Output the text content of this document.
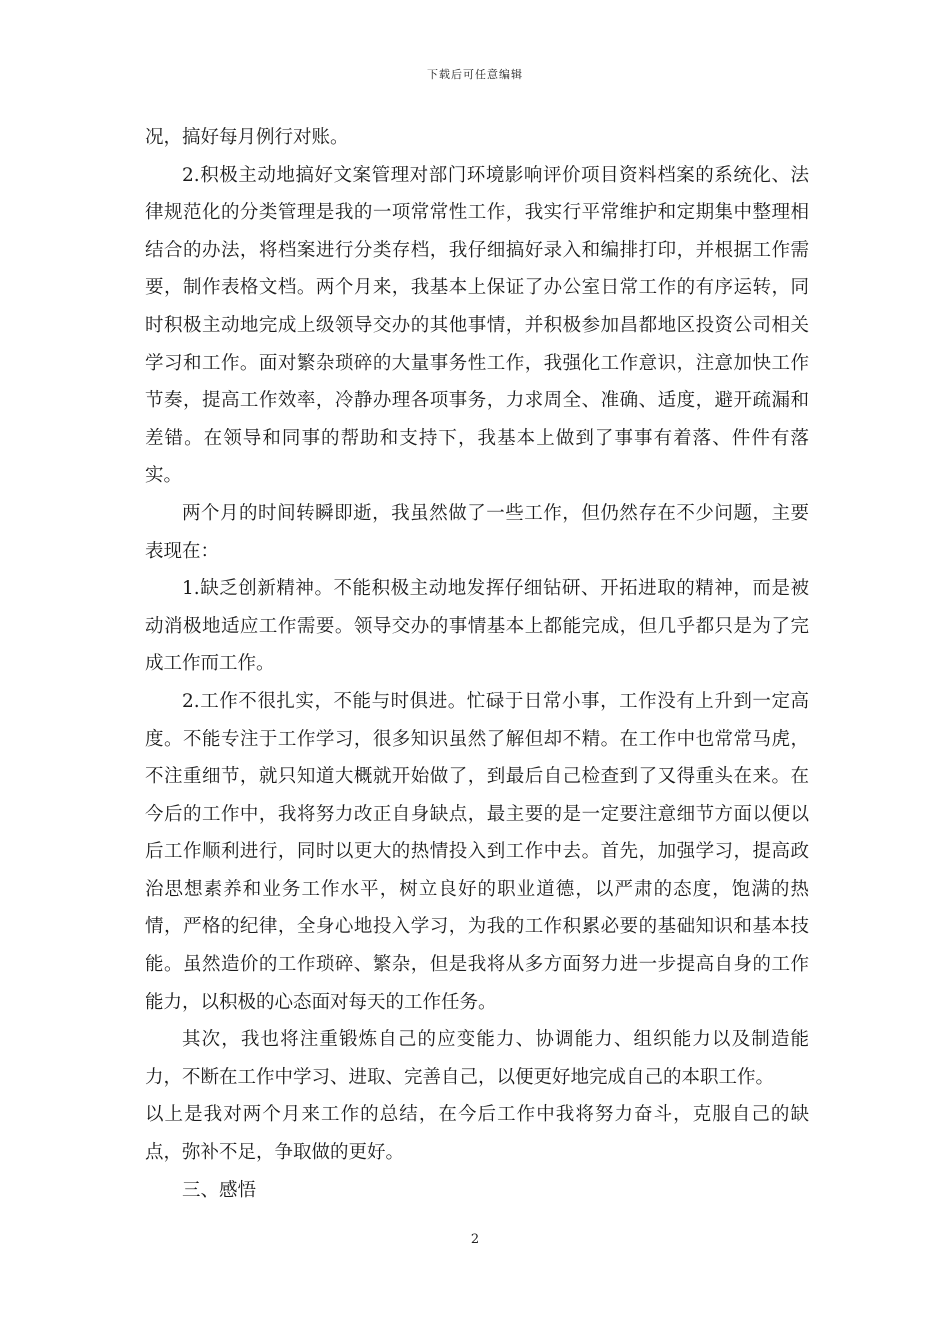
下载后可任意编辑

况，搞好每月例行对账。

2.积极主动地搞好文案管理对部门环境影响评价项目资料档案的系统化、法律规范化的分类管理是我的一项常常性工作，我实行平常维护和定期集中整理相结合的办法，将档案进行分类存档，我仔细搞好录入和编排打印，并根据工作需要，制作表格文档。两个月来，我基本上保证了办公室日常工作的有序运转，同时积极主动地完成上级领导交办的其他事情，并积极参加昌都地区投资公司相关学习和工作。面对繁杂琐碎的大量事务性工作，我强化工作意识，注意加快工作节奏，提高工作效率，冷静办理各项事务，力求周全、准确、适度，避开疏漏和差错。在领导和同事的帮助和支持下，我基本上做到了事事有着落、件件有落实。

两个月的时间转瞬即逝，我虽然做了一些工作，但仍然存在不少问题，主要表现在：

1.缺乏创新精神。不能积极主动地发挥仔细钻研、开拓进取的精神，而是被动消极地适应工作需要。领导交办的事情基本上都能完成，但几乎都只是为了完成工作而工作。

2.工作不很扎实，不能与时俱进。忙碌于日常小事，工作没有上升到一定高度。不能专注于工作学习，很多知识虽然了解但却不精。在工作中也常常马虎，不注重细节，就只知道大概就开始做了，到最后自己检查到了又得重头在来。在今后的工作中，我将努力改正自身缺点，最主要的是一定要注意细节方面以便以后工作顺利进行，同时以更大的热情投入到工作中去。首先，加强学习，提高政治思想素养和业务工作水平，树立良好的职业道德，以严肃的态度，饱满的热情，严格的纪律，全身心地投入学习，为我的工作积累必要的基础知识和基本技能。虽然造价的工作琐碎、繁杂，但是我将从多方面努力进一步提高自身的工作能力，以积极的心态面对每天的工作任务。

其次，我也将注重锻炼自己的应变能力、协调能力、组织能力以及制造能力，不断在工作中学习、进取、完善自己，以便更好地完成自己的本职工作。

以上是我对两个月来工作的总结，在今后工作中我将努力奋斗，克服自己的缺点，弥补不足，争取做的更好。

三、感悟

2
